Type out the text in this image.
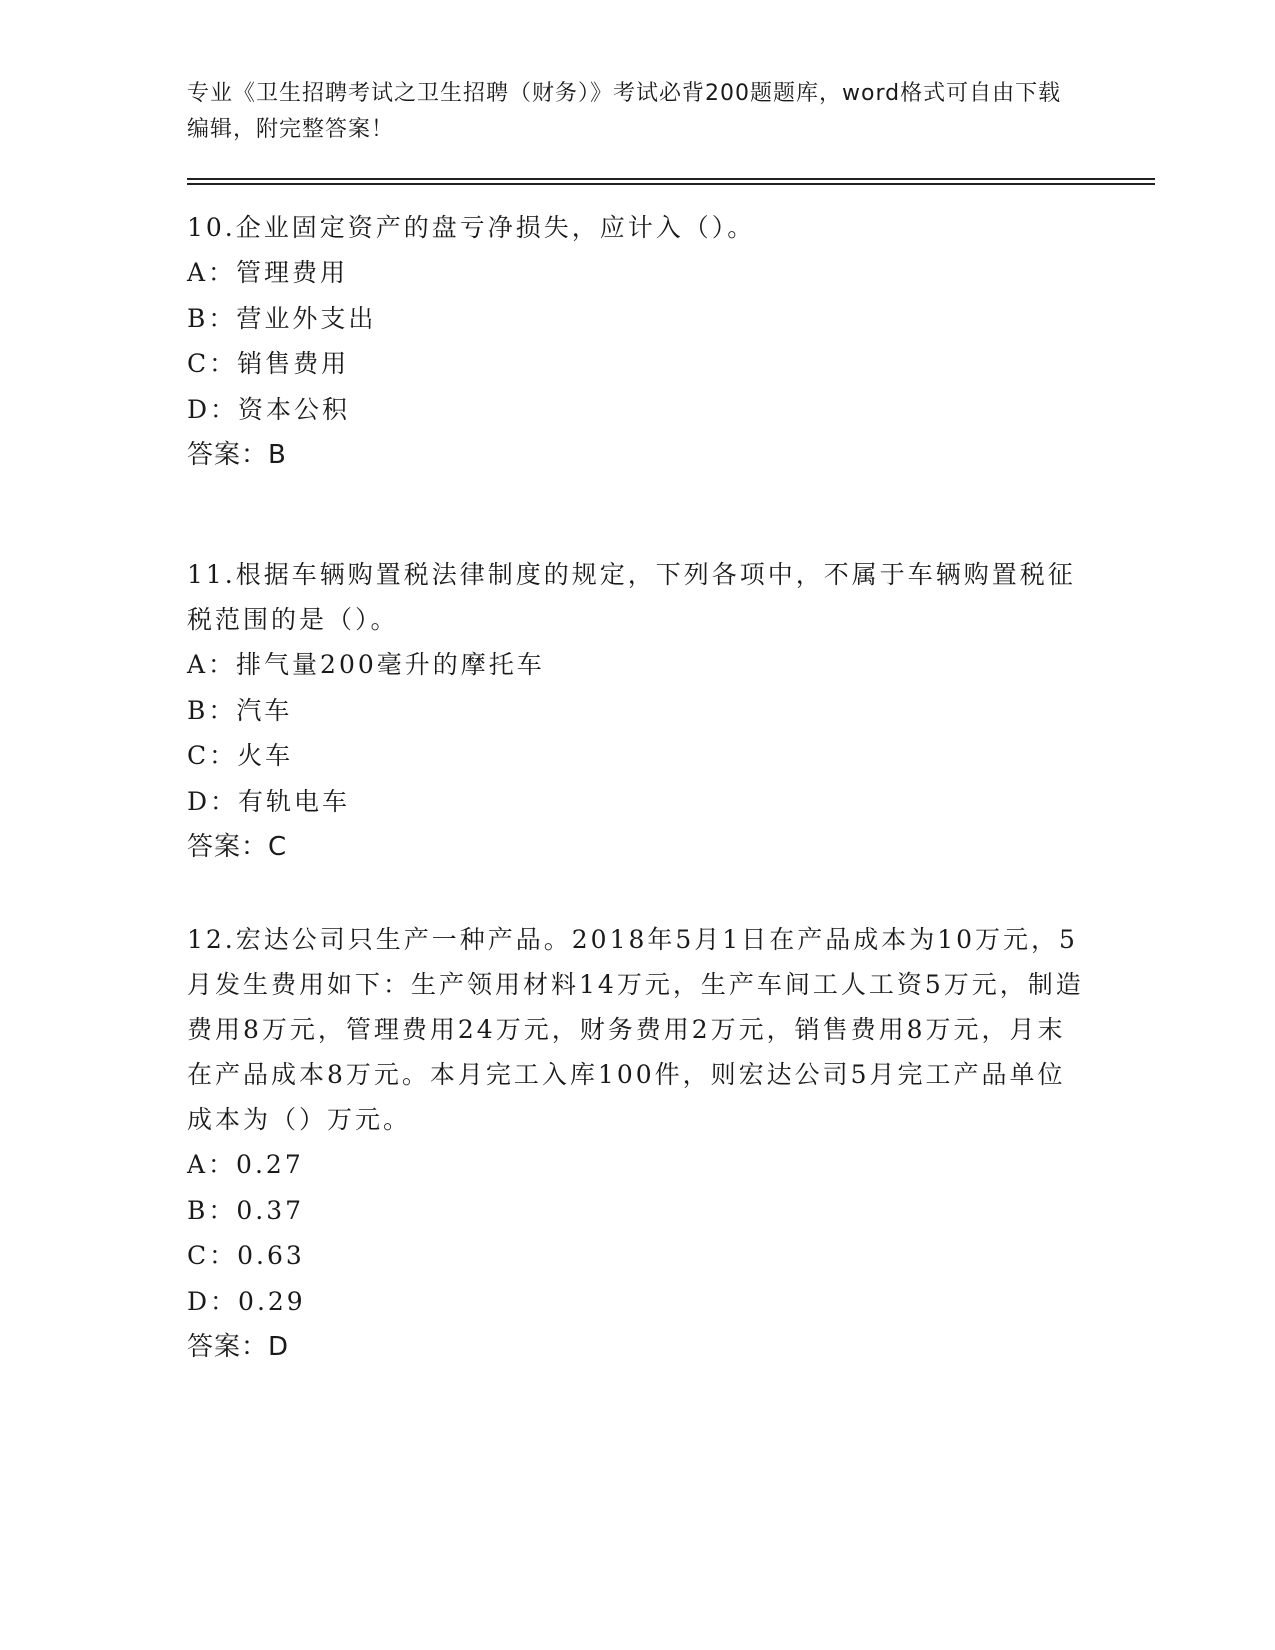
专业《卫生招聘考试之卫生招聘（财务）》考试必背200题题库，word格式可自由下载编辑，附完整答案！
10.企业固定资产的盘亏净损失，应计入（）。
A：管理费用
B：营业外支出
C：销售费用
D：资本公积
答案：B
11.根据车辆购置税法律制度的规定，下列各项中，不属于车辆购置税征税范围的是（）。
A：排气量200毫升的摩托车
B：汽车
C：火车
D：有轨电车
答案：C
12.宏达公司只生产一种产品。2018年5月1日在产品成本为10万元，5月发生费用如下：生产领用材料14万元，生产车间工人工资5万元，制造费用8万元，管理费用24万元，财务费用2万元，销售费用8万元，月末在产品成本8万元。本月完工入库100件，则宏达公司5月完工产品单位成本为（）万元。
A：0.27
B：0.37
C：0.63
D：0.29
答案：D
